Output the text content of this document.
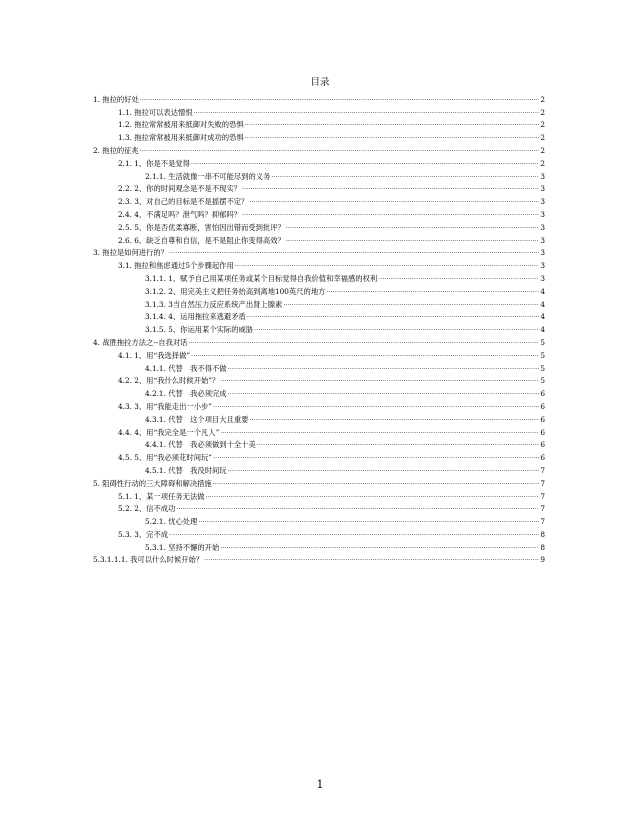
目录
1. 拖拉的好处 .....	2
1.1. 拖拉可以表达憎恨 .....	2
1.2. 拖拉常常被用来抵御对失败的恐惧 .....	2
1.3. 拖拉常常被用来抵御对成功的恐惧 .....	2
2. 拖拉的征兆 .....	2
2.1. 1、你是不是觉得 .....	2
2.1.1. 生活就像一串不可能尽到的义务 .....	3
2.2. 2、你的时间观念是不是不现实？ .....	3
2.3. 3、对自己的目标是不是摇摆不定？ .....	3
2.4. 4、不满足吗？泄气吗？抑郁吗？ .....	3
2.5. 5、你是否优柔寡断，害怕因出错而受到批评？ .....	3
2.6. 6、缺乏自尊和自信，是不是阻止你变得高效？ .....	3
3. 拖拉是如何进行的？ .....	3
3.1. 拖拉和焦虑通过5个步骤起作用 .....	3
3.1.1. 1、赋予自己用某项任务或某个目标觉得自我价值和幸福感的权利 .....	3
3.1.2. 2、用完美主义把任务抬高到离地100英尺的地方 .....	4
3.1.3. 3当自然压力反应系统产出肾上腺素 .....	4
3.1.4. 4、运用拖拉来逃避矛盾 .....	4
3.1.5. 5、你运用某个实际的威胁 .....	4
4. 战胜拖拉方法之--自我对话 .....	5
4.1. 1、用“我选择做” .....	5
4.1.1. 代替　我不得不做 .....	5
4.2. 2、用“我什么时候开始”？ .....	5
4.2.1. 代替　我必须完成 .....	6
4.3. 3、用“我能走出一小步” .....	6
4.3.1. 代替　这个项目大且重要 .....	6
4.4. 4、用“我完全是一个凡人” .....	6
4.4.1. 代替　我必须做到十全十美 .....	6
4.5. 5、用“我必须花时间玩” .....	6
4.5.1. 代替　我没时间玩 .....	7
5. 阻碍性行动的三大障碍和解决措施 .....	7
5.1. 1、某一项任务无法做 .....	7
5.2. 2、信不成功 .....	7
5.2.1. 忧心处理 .....	7
5.3. 3、完不成 .....	8
5.3.1. 坚持不懈的开始 .....	8
5.3.1.1.1. 我可以什么时候开始？ .....	9
1
